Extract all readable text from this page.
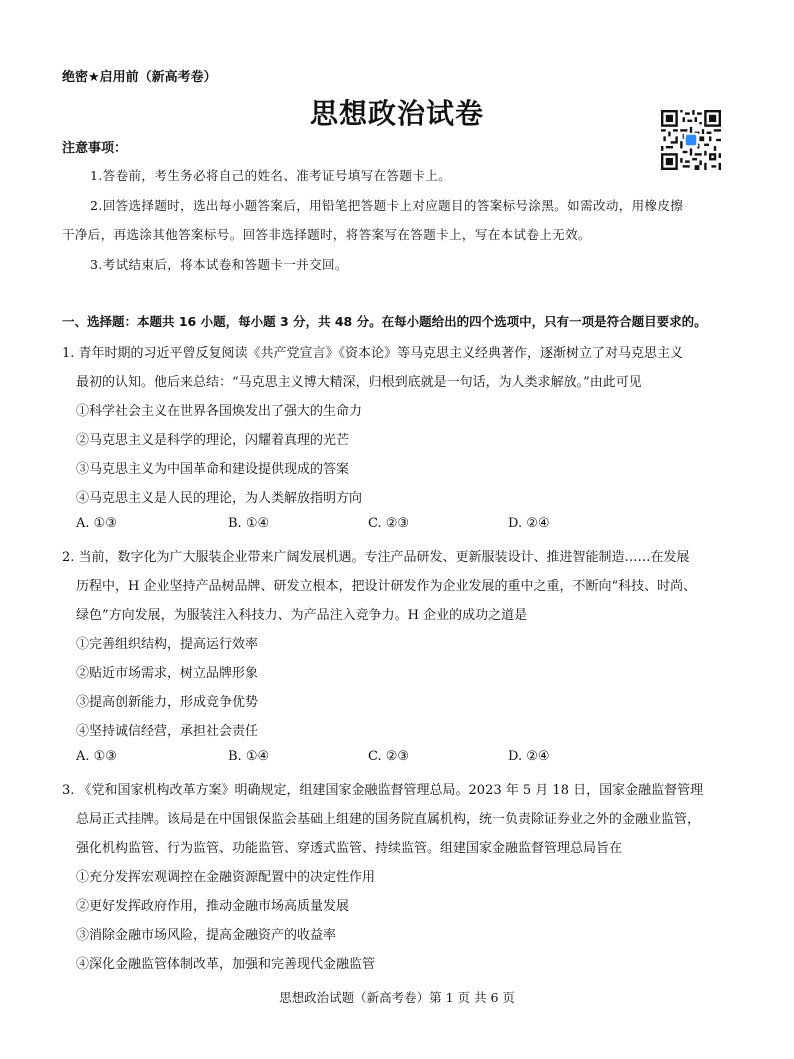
绝密★启用前（新高考卷）
思想政治试卷
注意事项：
1.答卷前，考生务必将自己的姓名、准考证号填写在答题卡上。
2.回答选择题时，选出每小题答案后，用铅笔把答题卡上对应题目的答案标号涂黑。如需改动，用橡皮擦
干净后，再选涂其他答案标号。回答非选择题时，将答案写在答题卡上，写在本试卷上无效。
3.考试结束后，将本试卷和答题卡一并交回。
一、选择题：本题共 16 小题，每小题 3 分，共 48 分。在每小题给出的四个选项中，只有一项是符合题目要求的。
1. 青年时期的习近平曾反复阅读《共产党宣言》《资本论》等马克思主义经典著作，逐渐树立了对马克思主义
最初的认知。他后来总结：“马克思主义博大精深，归根到底就是一句话，为人类求解放。”由此可见
①科学社会主义在世界各国焕发出了强大的生命力
②马克思主义是科学的理论，闪耀着真理的光芒
③马克思主义为中国革命和建设提供现成的答案
④马克思主义是人民的理论，为人类解放指明方向
A. ①③	B. ①④	C. ②③	D. ②④
2. 当前，数字化为广大服装企业带来广阔发展机遇。专注产品研发、更新服装设计、推进智能制造……在发展
历程中，H 企业坚持产品树品牌、研发立根本，把设计研发作为企业发展的重中之重，不断向“科技、时尚、
绿色”方向发展，为服装注入科技力、为产品注入竞争力。H 企业的成功之道是
①完善组织结构，提高运行效率
②贴近市场需求，树立品牌形象
③提高创新能力，形成竞争优势
④坚持诚信经营，承担社会责任
A. ①③	B. ①④	C. ②③	D. ②④
3. 《党和国家机构改革方案》明确规定，组建国家金融监督管理总局。2023 年 5 月 18 日，国家金融监督管理
总局正式挂牌。该局是在中国银保监会基础上组建的国务院直属机构，统一负责除证券业之外的金融业监管，
强化机构监管、行为监管、功能监管、穿透式监管、持续监管。组建国家金融监督管理总局旨在
①充分发挥宏观调控在金融资源配置中的决定性作用
②更好发挥政府作用，推动金融市场高质量发展
③消除金融市场风险，提高金融资产的收益率
④深化金融监管体制改革，加强和完善现代金融监管
思想政治试题（新高考卷）第 1 页 共 6 页
